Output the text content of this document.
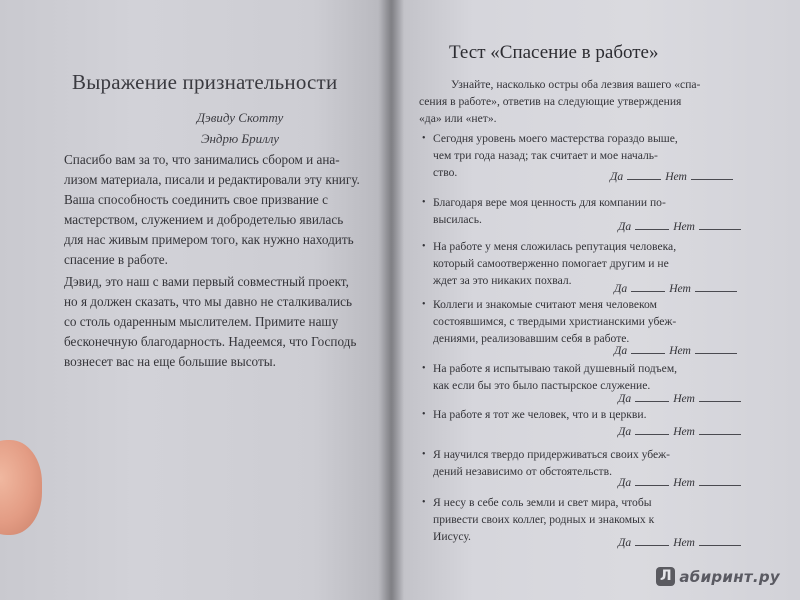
Выражение признательности
Дэвиду Скотту
Эндрю Бриллу

Спасибо вам за то, что занимались сбором и ана-
лизом материала, писали и редактировали эту книгу.
Ваша способность соединить свое призвание с
мастерством, служением и добродетелью явилась
для нас живым примером того, как нужно находить
спасение в работе.

Дэвид, это наш с вами первый совместный проект,
но я должен сказать, что мы давно не сталкивались
со столь одаренным мыслителем. Примите нашу
бесконечную благодарность. Надеемся, что Господь
вознесет вас на еще большие высоты.

Тест «Спасение в работе»
Узнайте, насколько остры оба лезвия вашего «спа-
сения в работе», ответив на следующие утверждения
«да» или «нет».
• Сегодня уровень моего мастерства гораздо выше,
чем три года назад; так считает и мое началь-
ство.	Да	Нет
• Благодаря вере моя ценность для компании по-
высилась.
Да	Нет
• На работе у меня сложилась репутация человека,
который самоотверженно помогает другим и не
ждет за это никаких похвал.
Да	Нет
• Коллеги и знакомые считают меня человеком
состоявшимся, с твердыми христианскими убеж-
дениями, реализовавшим себя в работе.
Да	Нет
• На работе я испытываю такой душевный подъем,
как если бы это было пастырское служение.
Да	Нет
• На работе я тот же человек, что и в церкви.
Да	Нет
• Я научился твердо придерживаться своих убеж-
дений независимо от обстоятельств.
Да	Нет
• Я несу в себе соль земли и свет мира, чтобы
привести своих коллег, родных и знакомых к
Иисусу.	Да	Нет
Л абиринт.ру
